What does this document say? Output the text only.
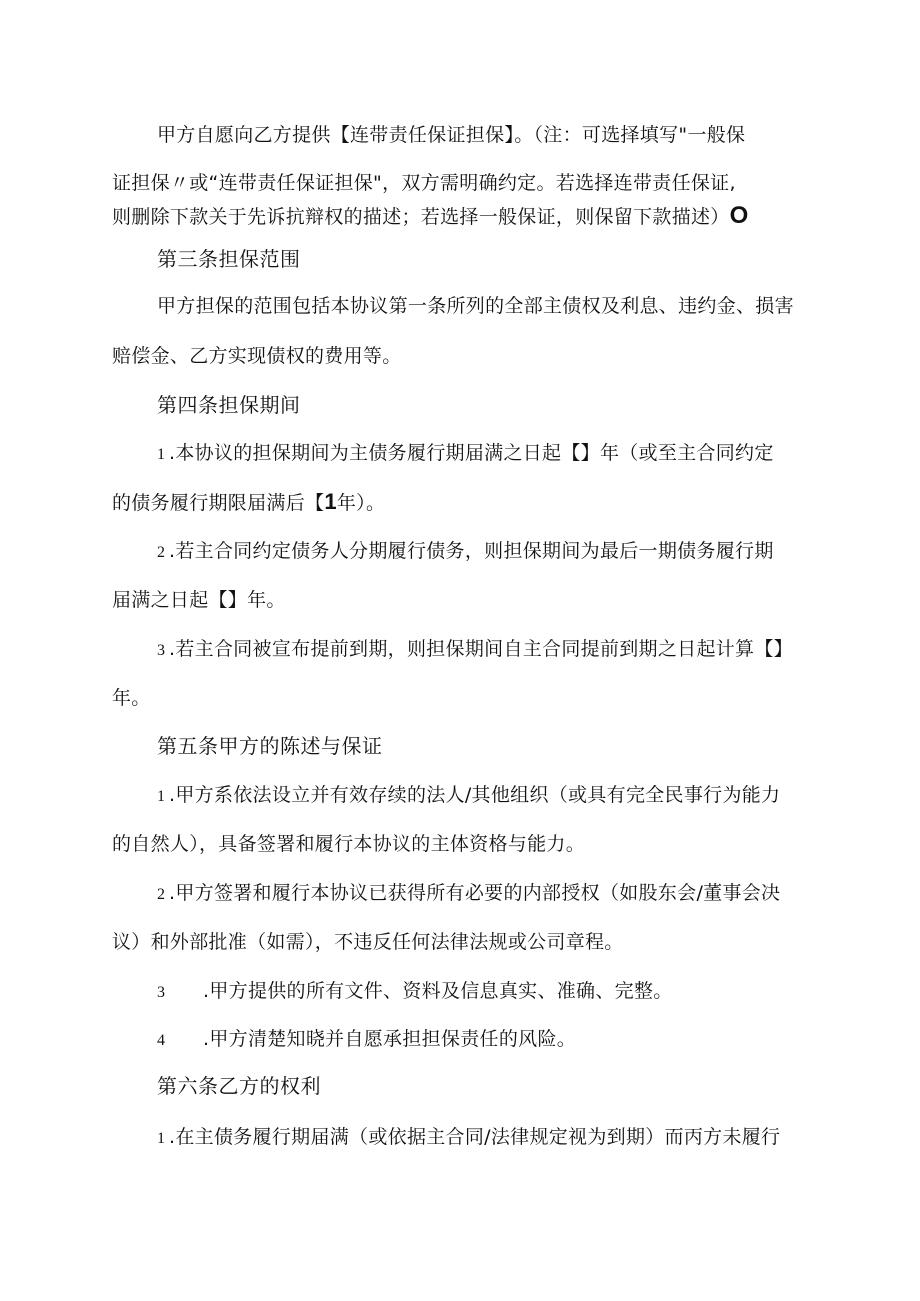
甲方自愿向乙方提供【连带责任保证担保】。（注：可选择填写"一般保
证担保〃或“连带责任保证担保"，双方需明确约定。若选择连带责任保证,
则删除下款关于先诉抗辩权的描述；若选择一般保证，则保留下款描述）O
第三条担保范围
甲方担保的范围包括本协议第一条所列的全部主债权及利息、违约金、损害
赔偿金、乙方实现债权的费用等。
第四条担保期间
1 .本协议的担保期间为主债务履行期届满之日起【】年（或至主合同约定
的债务履行期限届满后【1年）。
2 .若主合同约定债务人分期履行债务，则担保期间为最后一期债务履行期
届满之日起【】年。
3 .若主合同被宣布提前到期，则担保期间自主合同提前到期之日起计算【】
年。
第五条甲方的陈述与保证
1 .甲方系依法设立并有效存续的法人/其他组织（或具有完全民事行为能力
的自然人），具备签署和履行本协议的主体资格与能力。
2 .甲方签署和履行本协议已获得所有必要的内部授权（如股东会/董事会决
议）和外部批准（如需），不违反任何法律法规或公司章程。
3 .甲方提供的所有文件、资料及信息真实、准确、完整。
4 .甲方清楚知晓并自愿承担担保责任的风险。
第六条乙方的权利
1 .在主债务履行期届满（或依据主合同/法律规定视为到期）而丙方未履行
